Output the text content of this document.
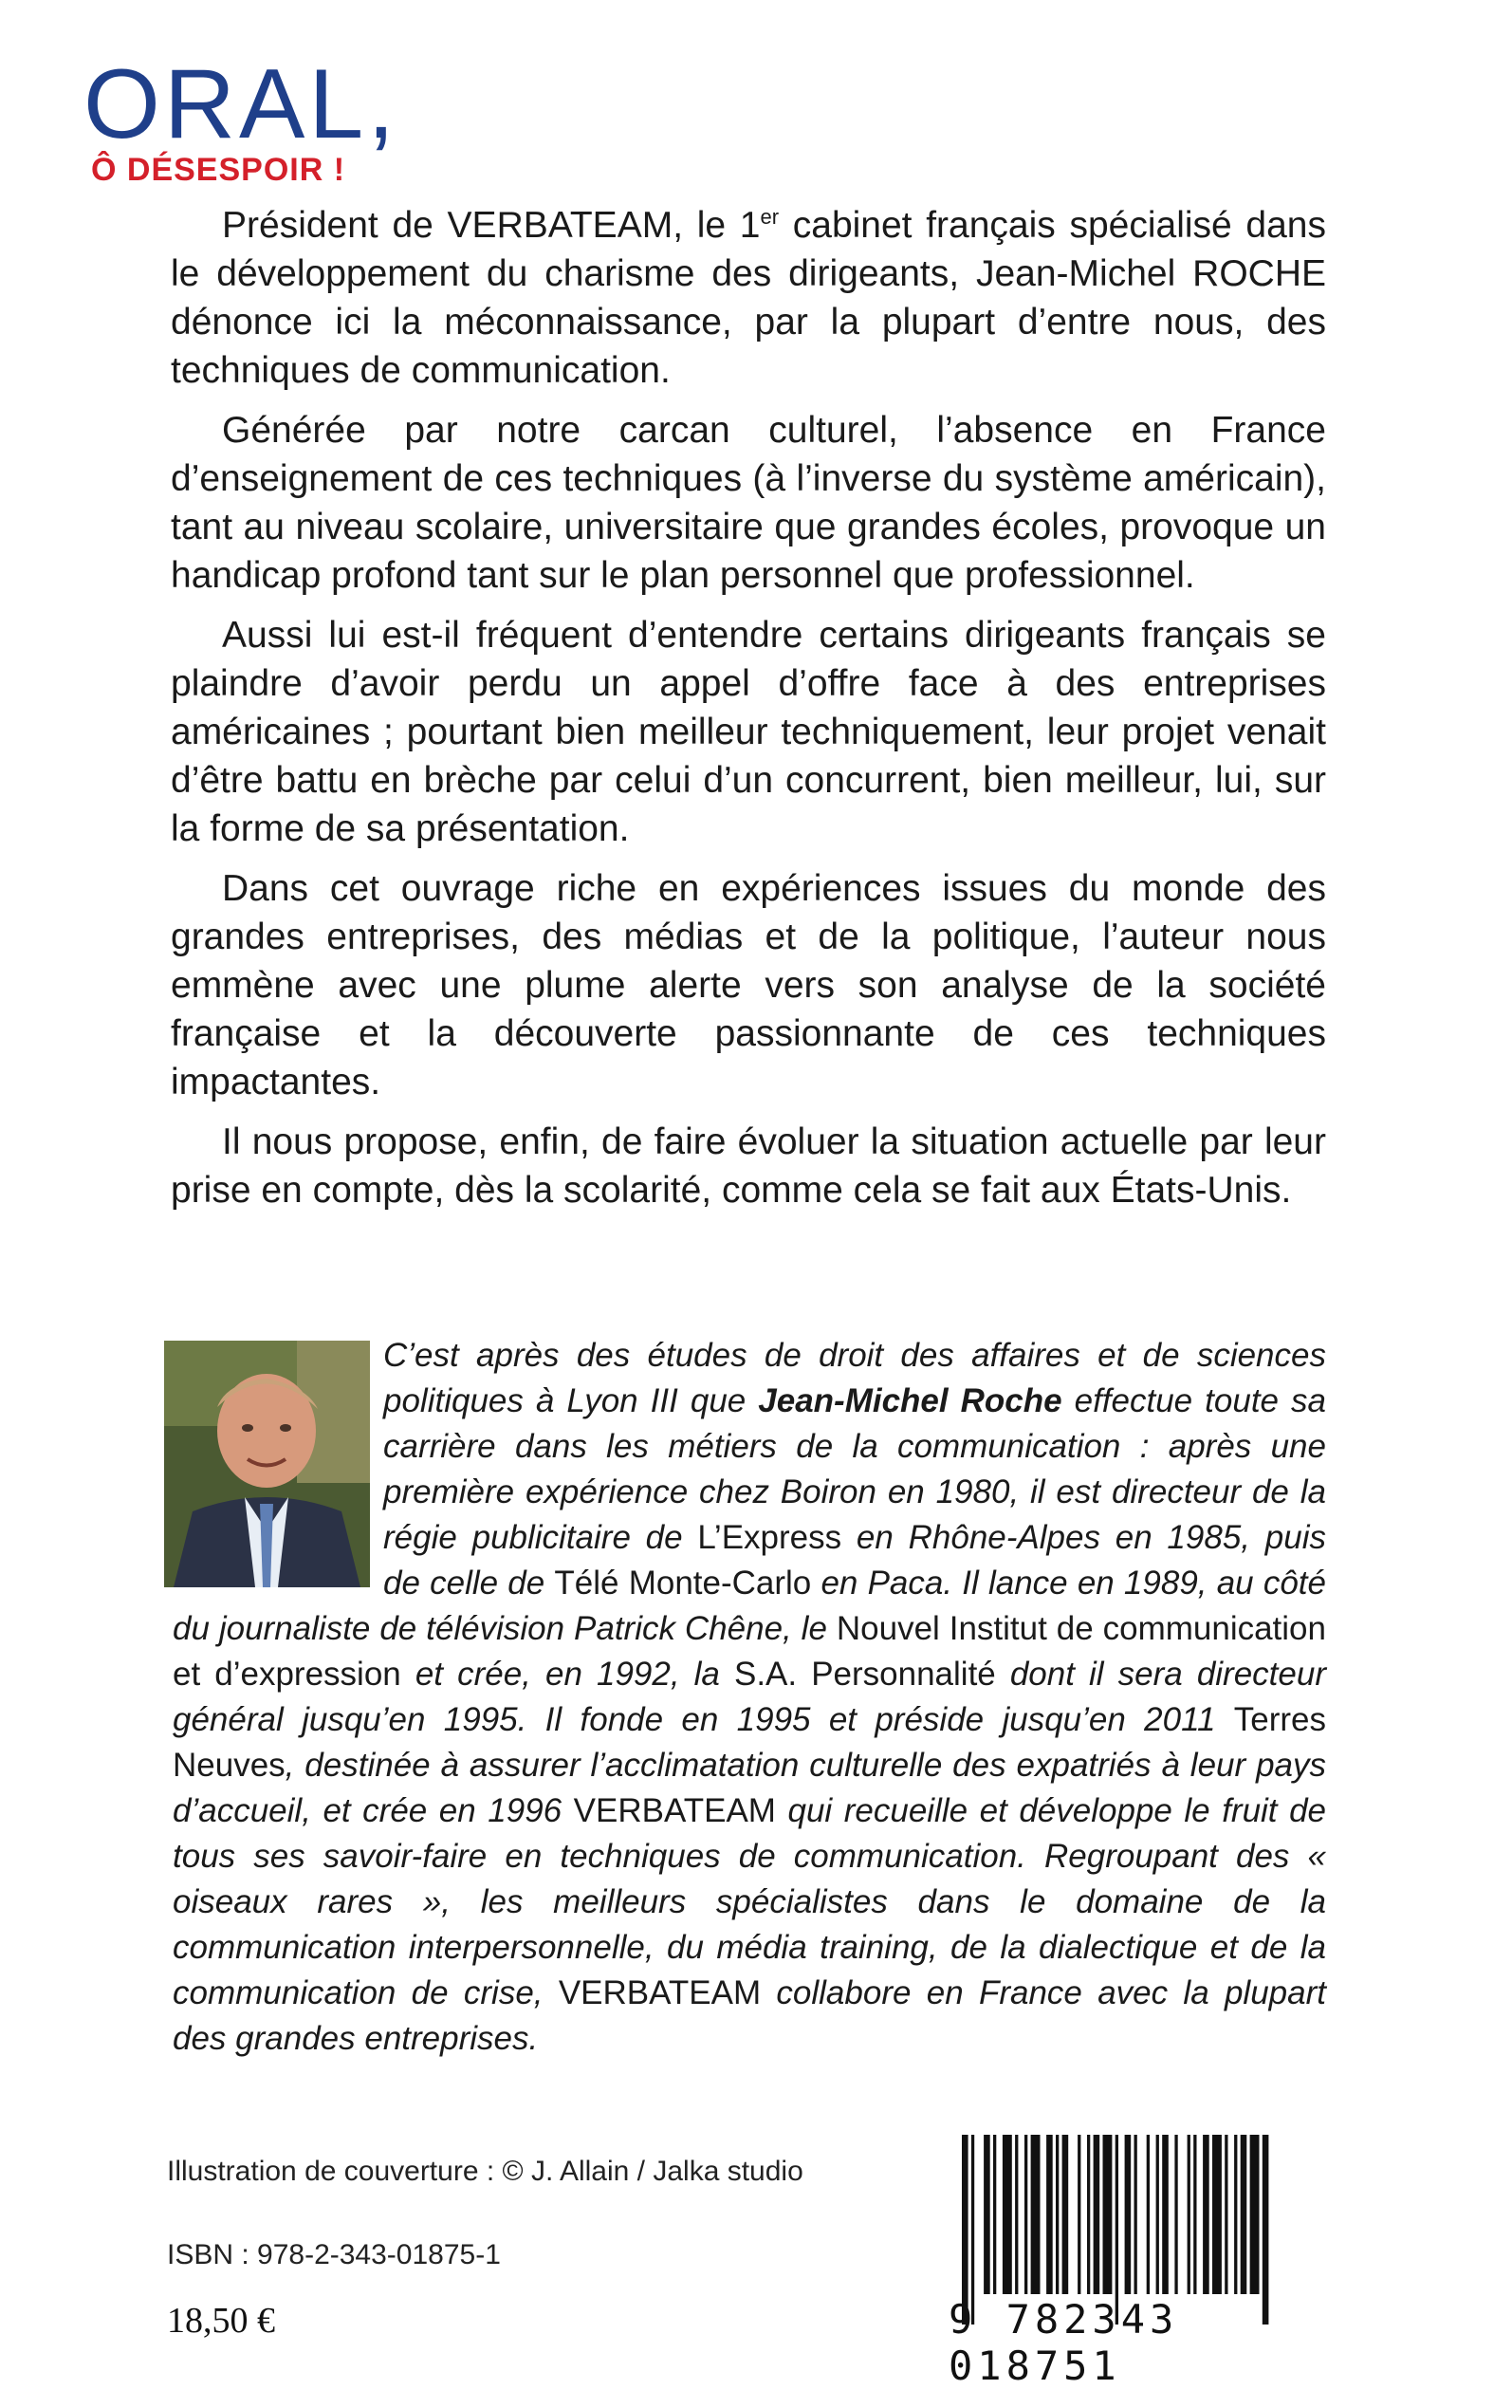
ORAL,
Ô DÉSESPOIR !

Président de VERBATEAM, le 1er cabinet français spécialisé dans le développement du charisme des dirigeants, Jean-Michel ROCHE dénonce ici la méconnaissance, par la plupart d’entre nous, des techniques de communication.

Générée par notre carcan culturel, l’absence en France d’enseignement de ces techniques (à l’inverse du système américain), tant au niveau scolaire, universitaire que grandes écoles, provoque un handicap profond tant sur le plan personnel que professionnel.

Aussi lui est-il fréquent d’entendre certains dirigeants français se plaindre d’avoir perdu un appel d’offre face à des entreprises américaines ; pourtant bien meilleur techniquement, leur projet venait d’être battu en brèche par celui d’un concurrent, bien meilleur, lui, sur la forme de sa présentation.

Dans cet ouvrage riche en expériences issues du monde des grandes entreprises, des médias et de la politique, l’auteur nous emmène avec une plume alerte vers son analyse de la société française et la découverte passionnante de ces techniques impactantes.

Il nous propose, enfin, de faire évoluer la situation actuelle par leur prise en compte, dès la scolarité, comme cela se fait aux États-Unis.

C’est après des études de droit des affaires et de sciences politiques à Lyon III que Jean-Michel Roche effectue toute sa carrière dans les métiers de la communication : après une première expérience chez Boiron en 1980, il est directeur de la régie publicitaire de L’Express en Rhône-Alpes en 1985, puis de celle de Télé Monte-Carlo en Paca. Il lance en 1989, au côté du journaliste de télévision Patrick Chêne, le Nouvel Institut de communication et d’expression et crée, en 1992, la S.A. Personnalité dont il sera directeur général jusqu’en 1995. Il fonde en 1995 et préside jusqu’en 2011 Terres Neuves, destinée à assurer l’acclimatation culturelle des expatriés à leur pays d’accueil, et crée en 1996 VERBATEAM qui recueille et développe le fruit de tous ses savoir-faire en techniques de communication. Regroupant des « oiseaux rares », les meilleurs spécialistes dans le domaine de la communication interpersonnelle, du média training, de la dialectique et de la communication de crise, VERBATEAM collabore en France avec la plupart des grandes entreprises.
Illustration de couverture : © J. Allain / Jalka studio
ISBN : 978-2-343-01875-1
18,50 €	9 782343 018751
